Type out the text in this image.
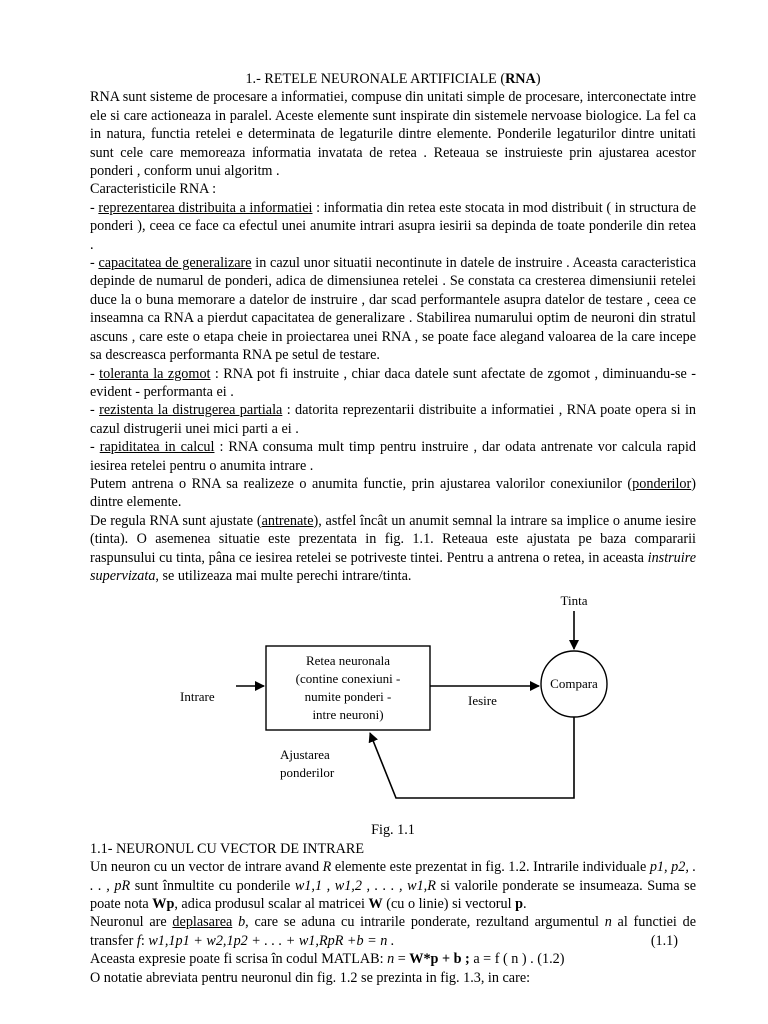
1.- RETELE NEURONALE ARTIFICIALE (RNA)

RNA sunt sisteme de procesare a informatiei, compuse din unitati simple de procesare, interconectate intre ele si care actioneaza in paralel. Aceste elemente sunt inspirate din sistemele nervoase biologice. La fel ca in natura, functia retelei e determinata de legaturile dintre elemente. Ponderile legaturilor dintre unitati sunt cele care memoreaza informatia invatata de retea . Reteaua se instruieste prin ajustarea acestor ponderi , conform unui algoritm .

Caracteristicile RNA :

- reprezentarea distribuita a informatiei : informatia din retea este stocata in mod distribuit ( in structura de ponderi ), ceea ce face ca efectul unei anumite intrari asupra iesirii sa depinda de toate ponderile din retea .

- capacitatea de generalizare in cazul unor situatii necontinute in datele de instruire . Aceasta caracteristica depinde de numarul de ponderi, adica de dimensiunea retelei . Se constata ca cresterea dimensiunii retelei duce la o buna memorare a datelor de instruire , dar scad performantele asupra datelor de testare , ceea ce inseamna ca RNA a pierdut capacitatea de generalizare . Stabilirea numarului optim de neuroni din stratul ascuns , care este o etapa cheie in proiectarea unei RNA , se poate face alegand valoarea de la care incepe sa descreasca performanta RNA pe setul de testare.

- toleranta la zgomot : RNA pot fi instruite , chiar daca datele sunt afectate de zgomot , diminuandu-se - evident - performanta ei .

- rezistenta la distrugerea partiala : datorita reprezentarii distribuite a informatiei , RNA poate opera si in cazul distrugerii unei mici parti a ei .

- rapiditatea in calcul : RNA consuma mult timp pentru instruire , dar odata antrenate vor calcula rapid iesirea retelei pentru o anumita intrare .

Putem antrena o RNA sa realizeze o anumita functie, prin ajustarea valorilor conexiunilor (ponderilor) dintre elemente.

De regula RNA sunt ajustate (antrenate), astfel încât un anumit semnal la intrare sa implice o anume iesire (tinta). O asemenea situatie este prezentata in fig. 1.1. Reteaua este ajustata pe baza compararii raspunsului cu tinta, pâna ce iesirea retelei se potriveste tintei. Pentru a antrena o retea, in aceasta instruire supervizata, se utilizeaza mai multe perechi intrare/tinta.

Tinta
Compara
Retea neuronala
(contine conexiuni -
numite ponderi -
intre neuroni)
Intrare	Iesire
Ajustarea
ponderilor

Fig. 1.1

1.1- NEURONUL CU VECTOR DE INTRARE

Un neuron cu un vector de intrare avand R elemente este prezentat in fig. 1.2. Intrarile individuale p1, p2, . . . , pR sunt înmultite cu ponderile w1,1 , w1,2 , . . . , w1,R si valorile ponderate se insumeaza. Suma se poate nota Wp, adica produsul scalar al matricei W (cu o linie) si vectorul p.

Neuronul are deplasarea b, care se aduna cu intrarile ponderate, rezultand argumentul n al functiei de transfer f: w1,1p1 + w2,1p2 + . . . + w1,RpR +b = n .	(1.1)

Aceasta expresie poate fi scrisa în codul MATLAB: n = W*p + b ; a = f ( n ) . (1.2)

O notatie abreviata pentru neuronul din fig. 1.2 se prezinta in fig. 1.3, in care:
